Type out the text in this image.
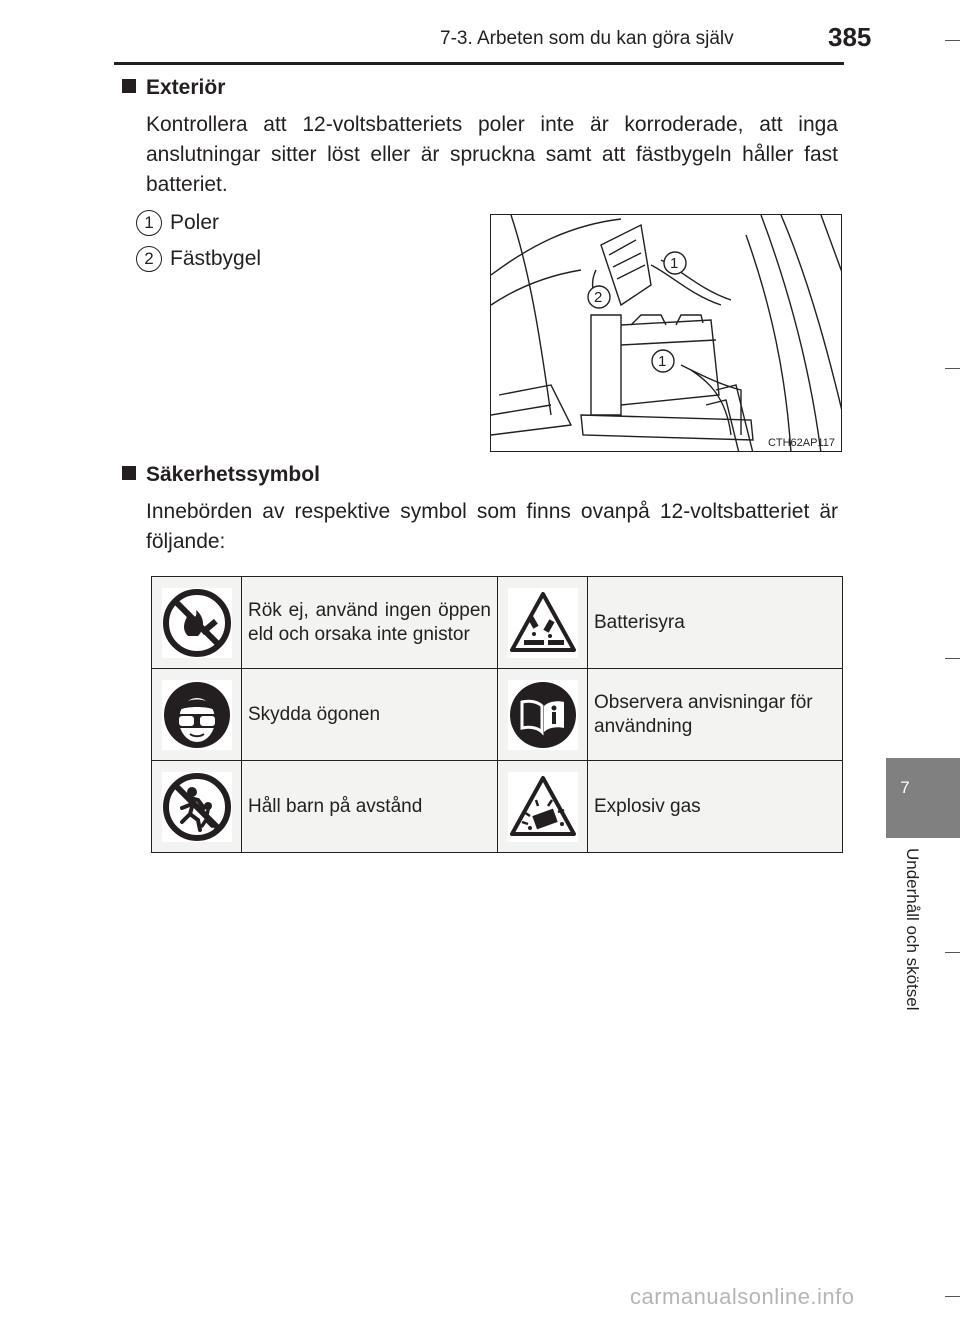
7-3. Arbeten som du kan göra själv	385
7
Underhåll och skötsel
Exteriör
Kontrollera att 12-voltsbatteriets poler inte är korroderade, att inga anslutningar sitter löst eller är spruckna samt att fästbygeln håller fast batteriet.
1 Poler
2 Fästbygel	1
2
1
CTH62AP117
Säkerhetssymbol
Innebörden av respektive symbol som finns ovanpå 12-voltsbatteriet är följande:
	Rök ej, använd ingen öppen eld och orsaka inte gnistor		Batterisyra
	Skydda ögonen		Observera anvisningar för användning
	Håll barn på avstånd		Explosiv gas
carmanualsonline.info
